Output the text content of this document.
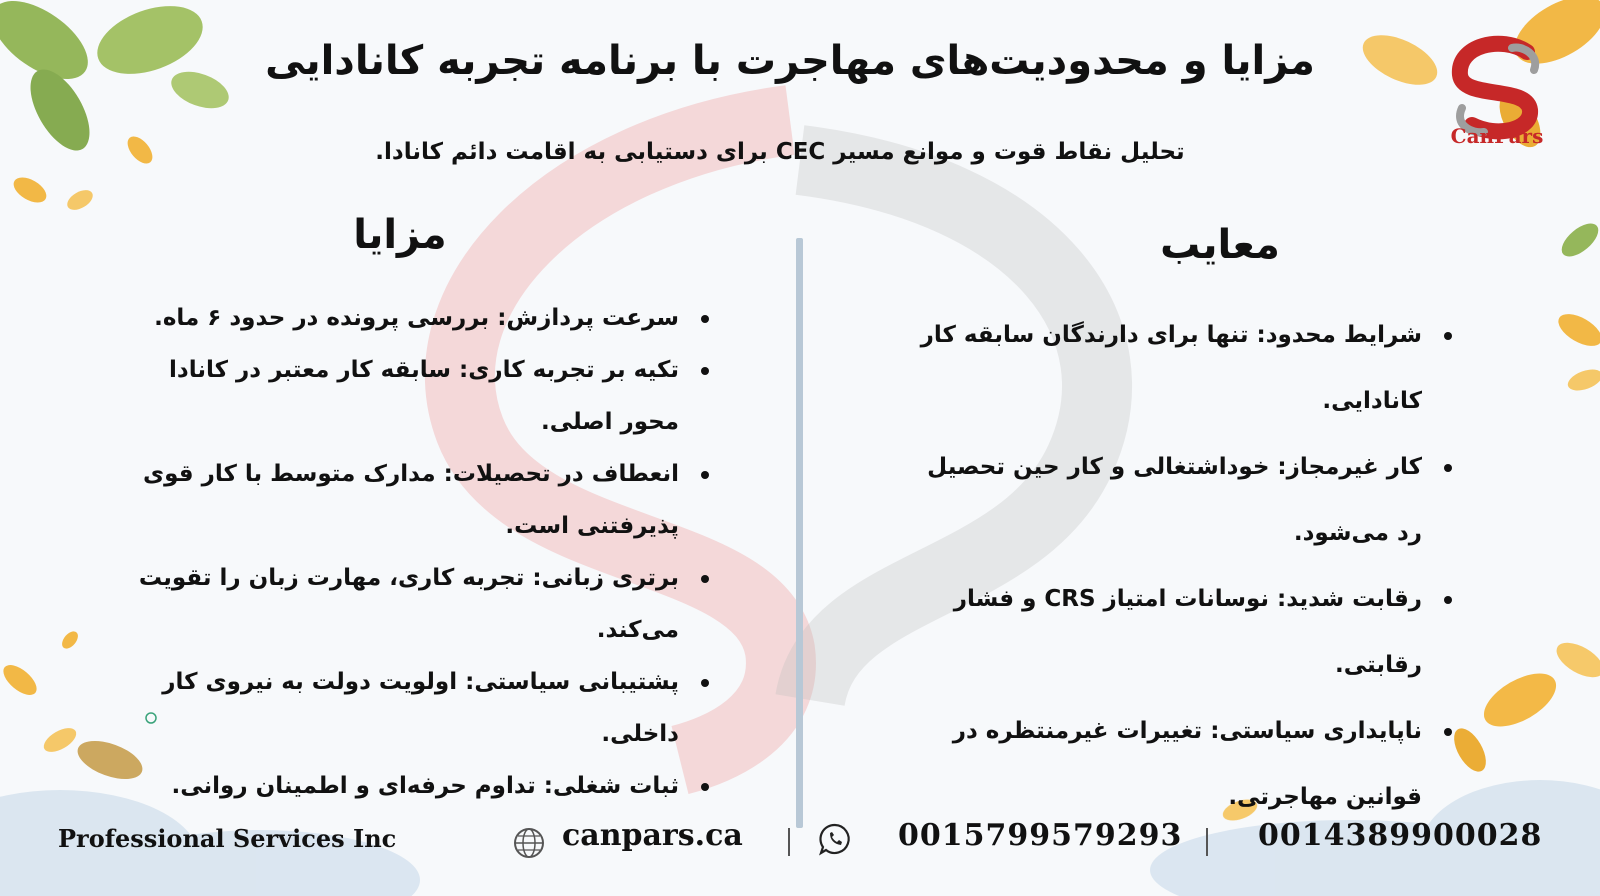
CanPars
مزایا و محدودیت‌های مهاجرت با برنامه تجربه کانادایی
تحلیل نقاط قوت و موانع مسیر CEC برای دستیابی به اقامت دائم کانادا.
مزایا
سرعت پردازش: بررسی پرونده در حدود ۶ ماه.
تکیه بر تجربه کاری: سابقه کار معتبر در کانادا محور اصلی.
انعطاف در تحصیلات: مدارک متوسط با کار قوی پذیرفتنی است.
برتری زبانی: تجربه کاری، مهارت زبان را تقویت می‌کند.
پشتیبانی سیاستی: اولویت دولت به نیروی کار داخلی.
ثبات شغلی: تداوم حرفه‌ای و اطمینان روانی.
معایب
شرایط محدود: تنها برای دارندگان سابقه کار کانادایی.
کار غیرمجاز: خوداشتغالی و کار حین تحصیل رد می‌شود.
رقابت شدید: نوسانات امتیاز CRS و فشار رقابتی.
ناپایداری سیاستی: تغییرات غیرمنتظره در قوانین مهاجرتی.
Professional Services Inc	canpars.ca	0015799579293	0014389900028
